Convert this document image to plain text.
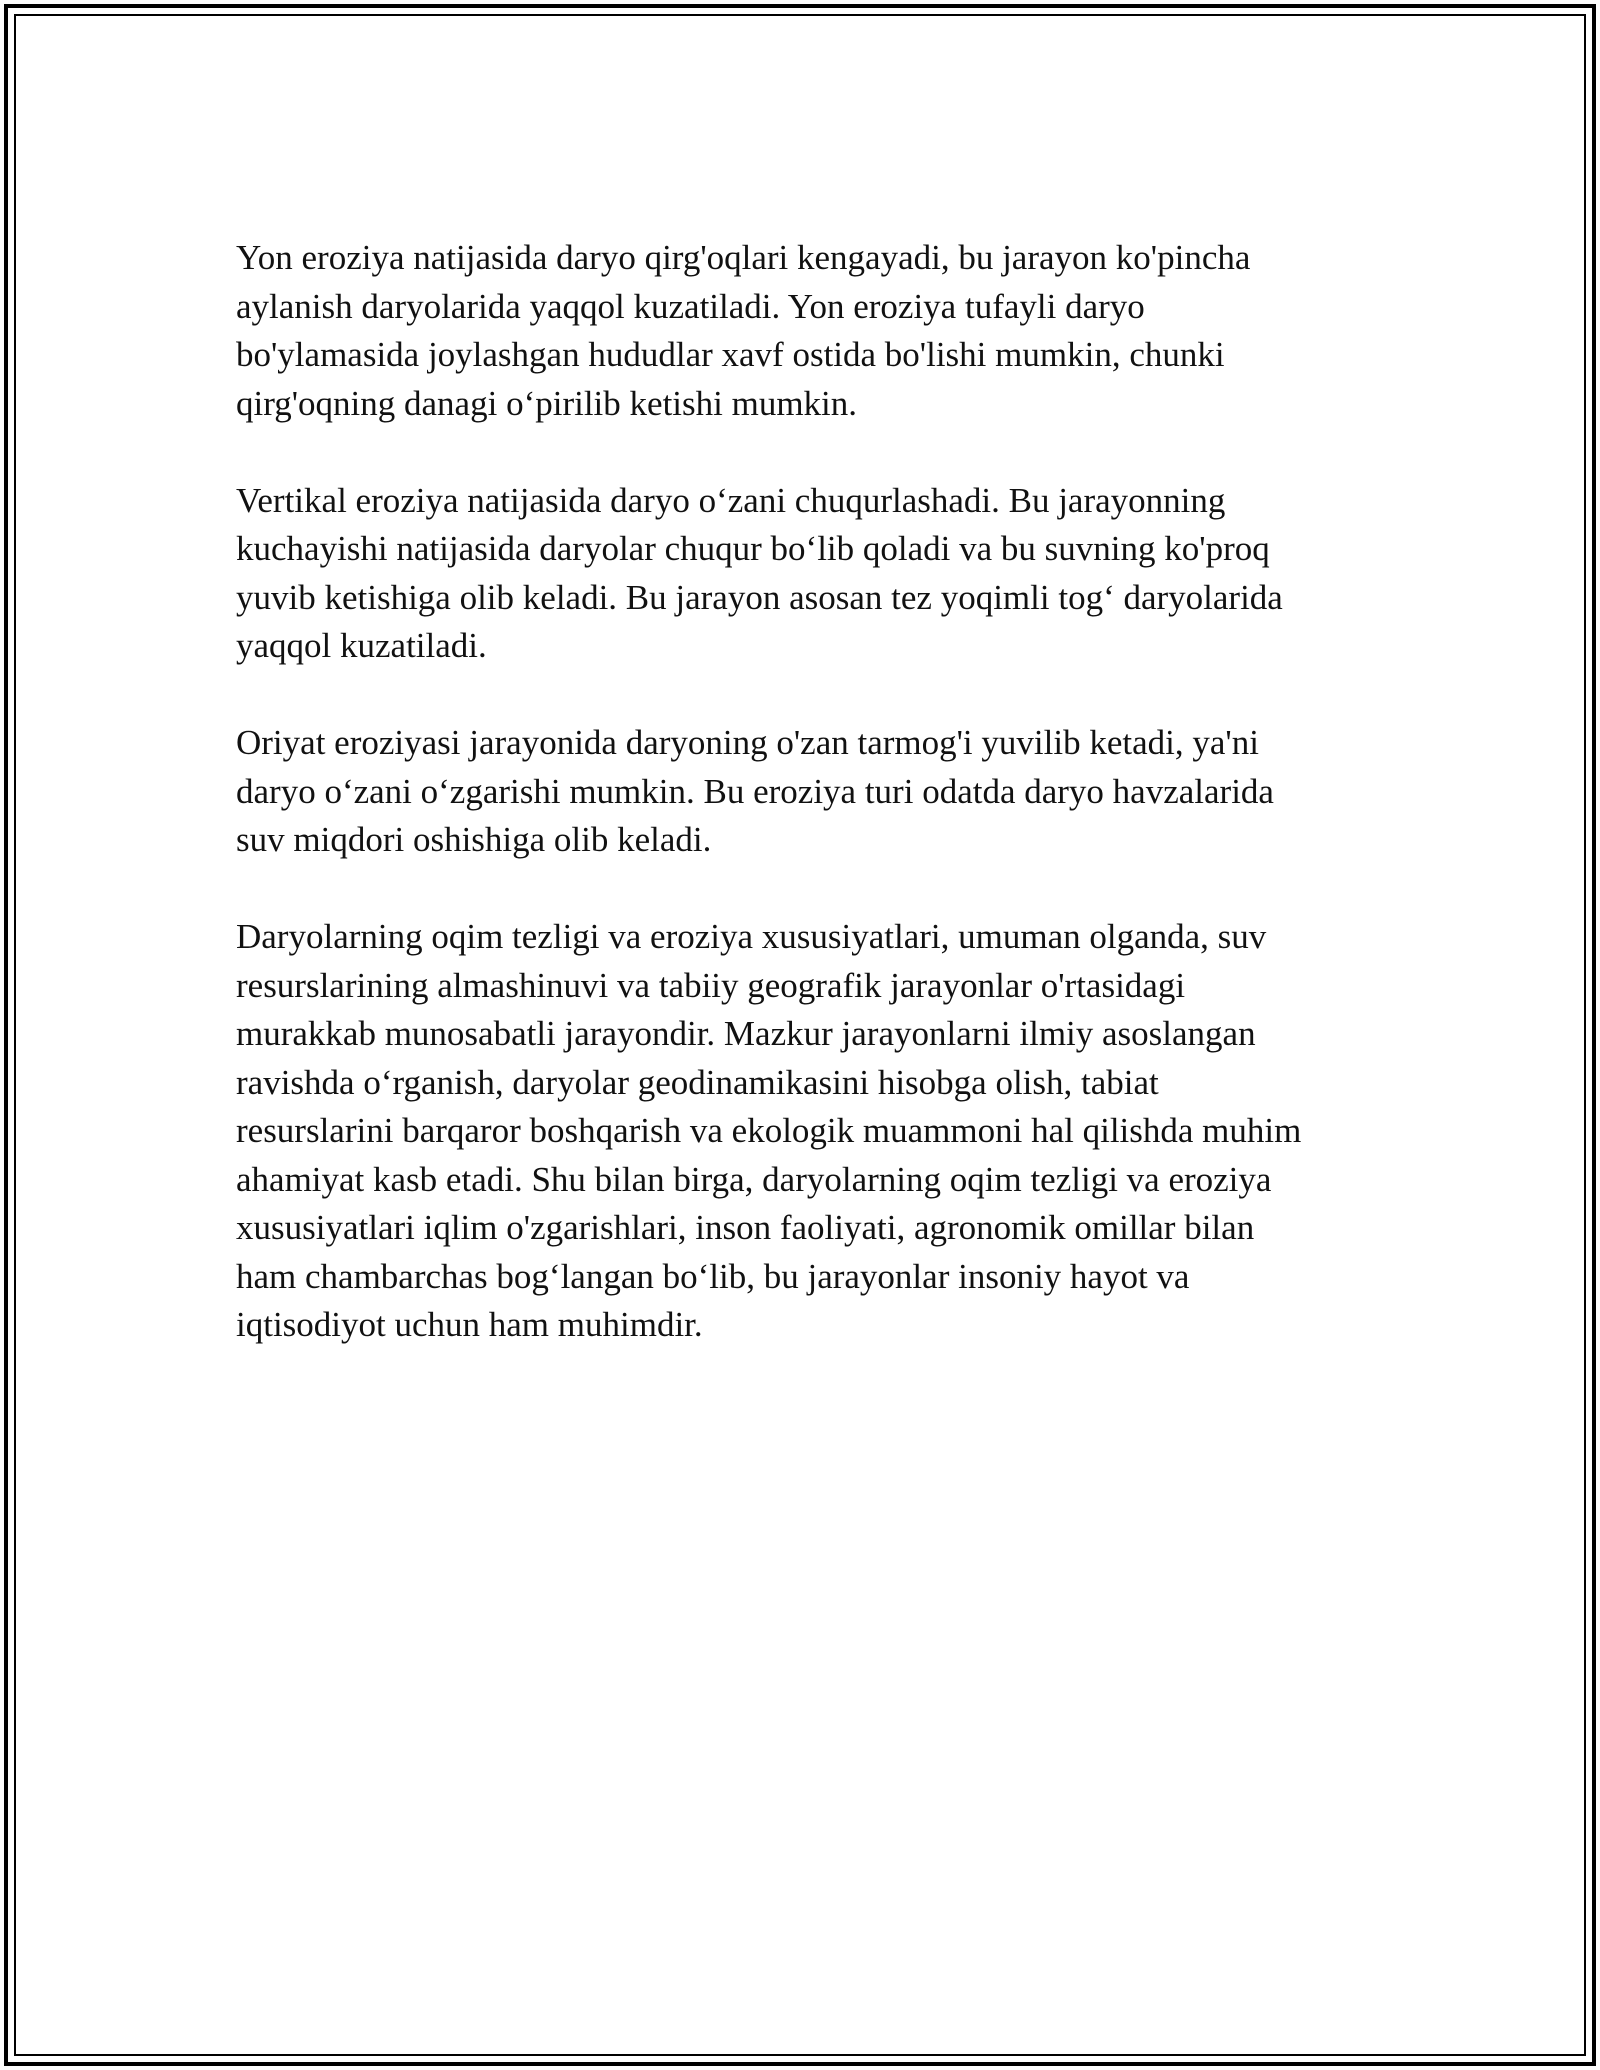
Yon eroziya natijasida daryo qirg'oqlari kengayadi, bu jarayon ko'pincha
aylanish daryolarida yaqqol kuzatiladi. Yon eroziya tufayli daryo
bo'ylamasida joylashgan hududlar xavf ostida bo'lishi mumkin, chunki
qirg'oqning danagi o‘pirilib ketishi mumkin.

Vertikal eroziya natijasida daryo o‘zani chuqurlashadi. Bu jarayonning
kuchayishi natijasida daryolar chuqur bo‘lib qoladi va bu suvning ko'proq
yuvib ketishiga olib keladi. Bu jarayon asosan tez yoqimli tog‘ daryolarida
yaqqol kuzatiladi.

Oriyat eroziyasi jarayonida daryoning o'zan tarmog'i yuvilib ketadi, ya'ni
daryo o‘zani o‘zgarishi mumkin. Bu eroziya turi odatda daryo havzalarida
suv miqdori oshishiga olib keladi.

Daryolarning oqim tezligi va eroziya xususiyatlari, umuman olganda, suv
resurslarining almashinuvi va tabiiy geografik jarayonlar o'rtasidagi
murakkab munosabatli jarayondir. Mazkur jarayonlarni ilmiy asoslangan
ravishda o‘rganish, daryolar geodinamikasini hisobga olish, tabiat
resurslarini barqaror boshqarish va ekologik muammoni hal qilishda muhim
ahamiyat kasb etadi. Shu bilan birga, daryolarning oqim tezligi va eroziya
xususiyatlari iqlim o'zgarishlari, inson faoliyati, agronomik omillar bilan
ham chambarchas bog‘langan bo‘lib, bu jarayonlar insoniy hayot va
iqtisodiyot uchun ham muhimdir.
